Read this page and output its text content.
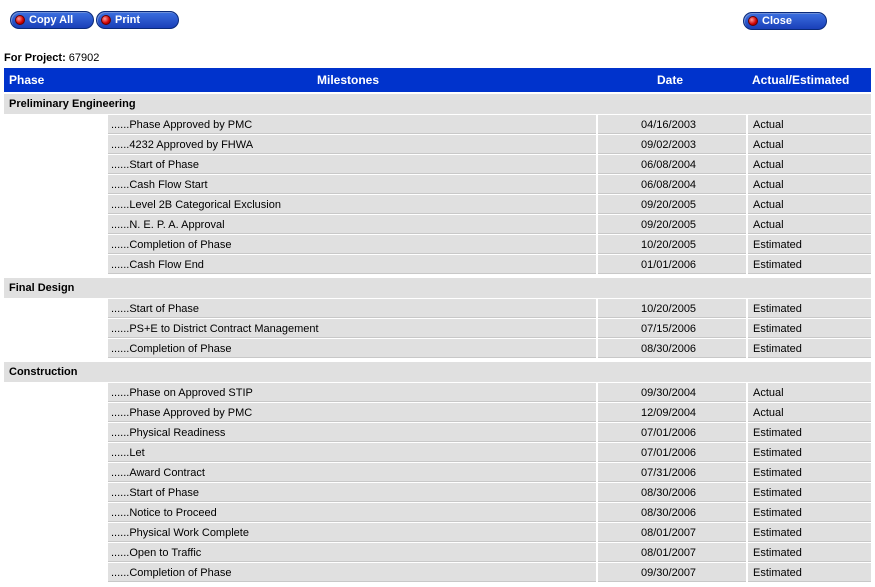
Copy All	Print	Close
For Project: 67902
Phase	Milestones	Date	Actual/Estimated
Preliminary Engineering
......Phase Approved by PMC	04/16/2003	Actual
......4232 Approved by FHWA	09/02/2003	Actual
......Start of Phase	06/08/2004	Actual
......Cash Flow Start	06/08/2004	Actual
......Level 2B Categorical Exclusion	09/20/2005	Actual
......N. E. P. A. Approval	09/20/2005	Actual
......Completion of Phase	10/20/2005	Estimated
......Cash Flow End	01/01/2006	Estimated
Final Design
......Start of Phase	10/20/2005	Estimated
......PS+E to District Contract Management	07/15/2006	Estimated
......Completion of Phase	08/30/2006	Estimated
Construction
......Phase on Approved STIP	09/30/2004	Actual
......Phase Approved by PMC	12/09/2004	Actual
......Physical Readiness	07/01/2006	Estimated
......Let	07/01/2006	Estimated
......Award Contract	07/31/2006	Estimated
......Start of Phase	08/30/2006	Estimated
......Notice to Proceed	08/30/2006	Estimated
......Physical Work Complete	08/01/2007	Estimated
......Open to Traffic	08/01/2007	Estimated
......Completion of Phase	09/30/2007	Estimated
